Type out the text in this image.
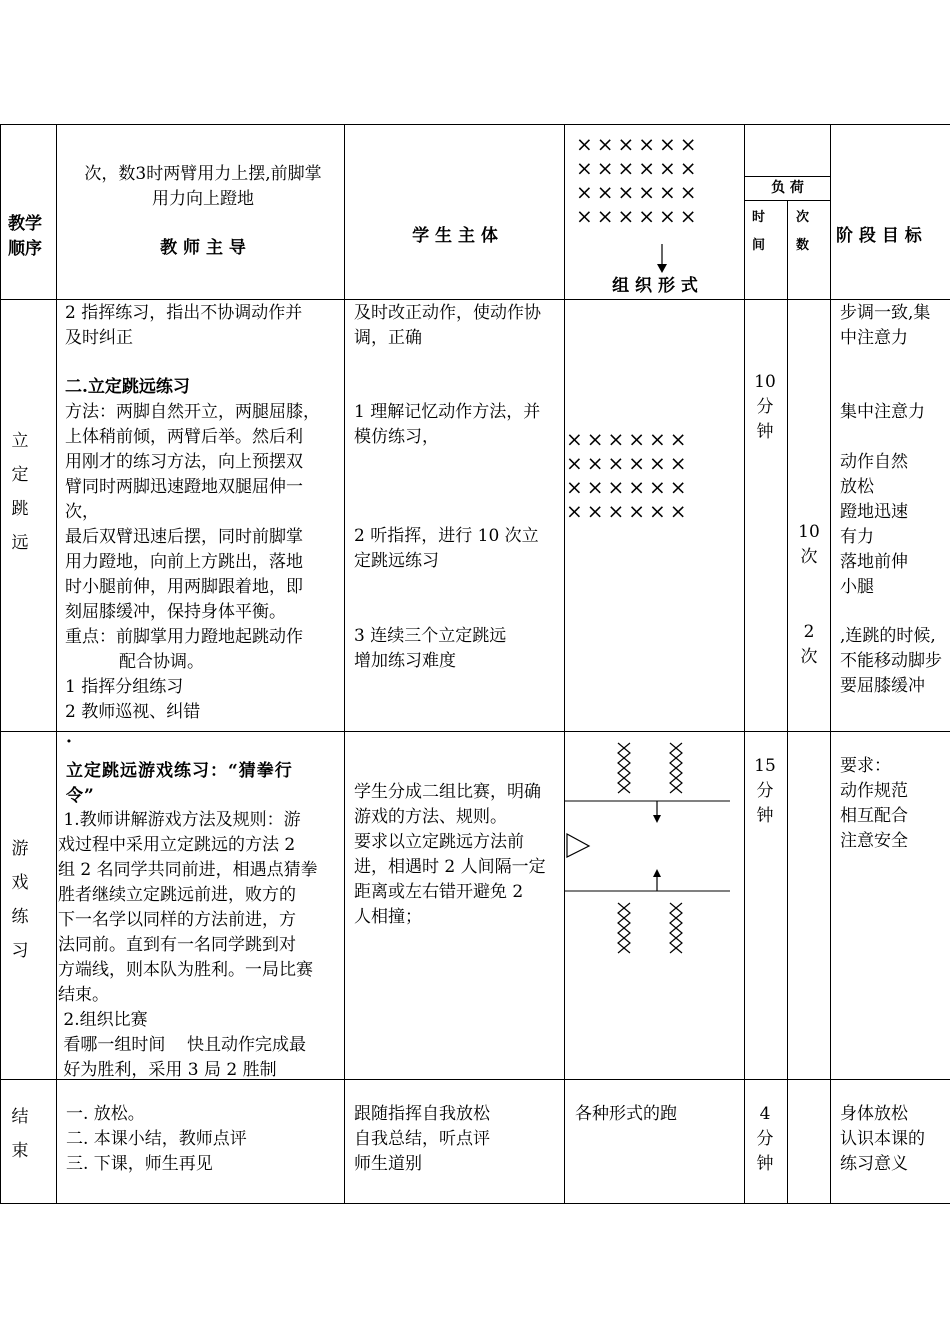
教学
顺序
次，数3时两臂用力上摆,前脚掌
用力向上蹬地
教 师 主 导
学 生 主 体
××××××
××××××
××××××
××××××
组 织 形 式
负 荷
时
间
次
数	阶 段 目 标
立 定 跳 远
2 指挥练习，指出不协调动作并
及时纠正
二.立定跳远练习
方法：两脚自然开立，两腿屈膝，
上体稍前倾，两臂后举。然后利
用刚才的练习方法，向上预摆双
臂同时两脚迅速蹬地双腿屈伸一
次，
最后双臂迅速后摆，同时前脚掌
用力蹬地，向前上方跳出，落地
时小腿前伸，用两脚跟着地，即
刻屈膝缓冲，保持身体平衡。
重点：前脚掌用力蹬地起跳动作
配合协调。
1 指挥分组练习
2 教师巡视、纠错
及时改正动作，使动作协
调，正确
1 理解记忆动作方法，并
模仿练习，
2 听指挥，进行 10 次立
定跳远练习
3 连续三个立定跳远
增加练习难度
××××××
××××××
××××××
××××××
10
分
钟
10
次
2
次
步调一致,集
中注意力
集中注意力
动作自然
放松
蹬地迅速
有力
落地前伸
小腿
,连跳的时候,
不能移动脚步
要屈膝缓冲
游 戏 练 习
·
立定跳远游戏练习：“猜拳行
令”
1.教师讲解游戏方法及规则：游
戏过程中采用立定跳远的方法 2
组 2 名同学共同前进，相遇点猜拳
胜者继续立定跳远前进，败方的
下一名学以同样的方法前进，方
法同前。直到有一名同学跳到对
方端线，则本队为胜利。一局比赛
结束。
2.组织比赛
看哪一组时间    快且动作完成最
好为胜利，采用 3 局 2 胜制
学生分成二组比赛，明确
游戏的方法、规则。
要求以立定跳远方法前
进，相遇时 2 人间隔一定
距离或左右错开避免 2
人相撞；
15
分
钟
要求：
动作规范
相互配合
注意安全
结 束
一. 放松。
二. 本课小结，教师点评
三. 下课，师生再见
跟随指挥自我放松
自我总结，听点评
师生道别
各种形式的跑	4
分
钟
身体放松
认识本课的
练习意义
